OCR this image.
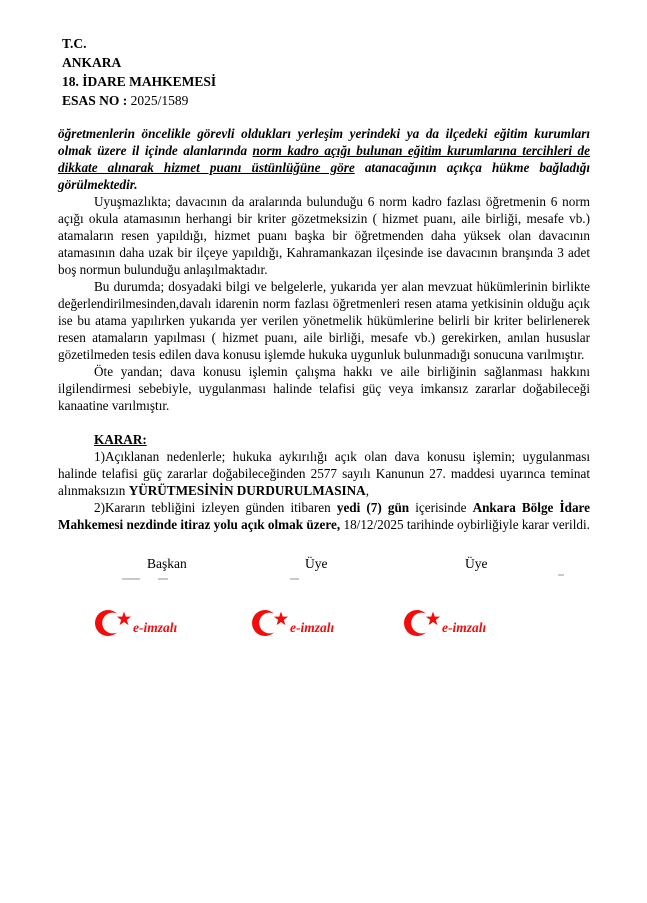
T.C.
ANKARA
18. İDARE MAHKEMESİ
ESAS NO : 2025/1589

öğretmenlerin öncelikle görevli oldukları yerleşim yerindeki ya da ilçedeki eğitim kurumları olmak üzere il içinde alanlarında norm kadro açığı bulunan eğitim kurumlarına tercihleri de dikkate alınarak hizmet puanı üstünlüğüne göre atanacağının açıkça hükme bağladığı görülmektedir.

Uyuşmazlıkta; davacının da aralarında bulunduğu 6 norm kadro fazlası öğretmenin 6 norm açığı okula atamasının herhangi bir kriter gözetmeksizin ( hizmet puanı, aile birliği, mesafe vb.) atamaların resen yapıldığı, hizmet puanı başka bir öğretmenden daha yüksek olan davacının atamasının daha uzak bir ilçeye yapıldığı, Kahramankazan ilçesinde ise davacının branşında 3 adet boş normun bulunduğu anlaşılmaktadır.

Bu durumda; dosyadaki bilgi ve belgelerle, yukarıda yer alan mevzuat hükümlerinin birlikte değerlendirilmesinden,davalı idarenin norm fazlası öğretmenleri resen atama yetkisinin olduğu açık ise bu atama yapılırken yukarıda yer verilen yönetmelik hükümlerine belirli bir kriter belirlenerek resen atamaların yapılması ( hizmet puanı, aile birliği, mesafe vb.) gerekirken, anılan hususlar gözetilmeden tesis edilen dava konusu işlemde hukuka uygunluk bulunmadığı sonucuna varılmıştır.

Öte yandan; dava konusu işlemin çalışma hakkı ve aile birliğinin sağlanması hakkını ilgilendirmesi sebebiyle, uygulanması halinde telafisi güç veya imkansız zararlar doğabileceği kanaatine varılmıştır.

KARAR:

1)Açıklanan nedenlerle; hukuka aykırılığı açık olan dava konusu işlemin; uygulanması halinde telafisi güç zararlar doğabileceğinden 2577 sayılı Kanunun 27. maddesi uyarınca teminat alınmaksızın YÜRÜTMESİNİN DURDURULMASINA,

2)Kararın tebliğini izleyen günden itibaren yedi (7) gün içerisinde Ankara Bölge İdare Mahkemesi nezdinde itiraz yolu açık olmak üzere, 18/12/2025 tarihinde oybirliğiyle karar verildi.

Başkan	Üye	Üye
$_{e-imzalı}$	$_{e-imzalı}$	$_{e-imzalı}$
